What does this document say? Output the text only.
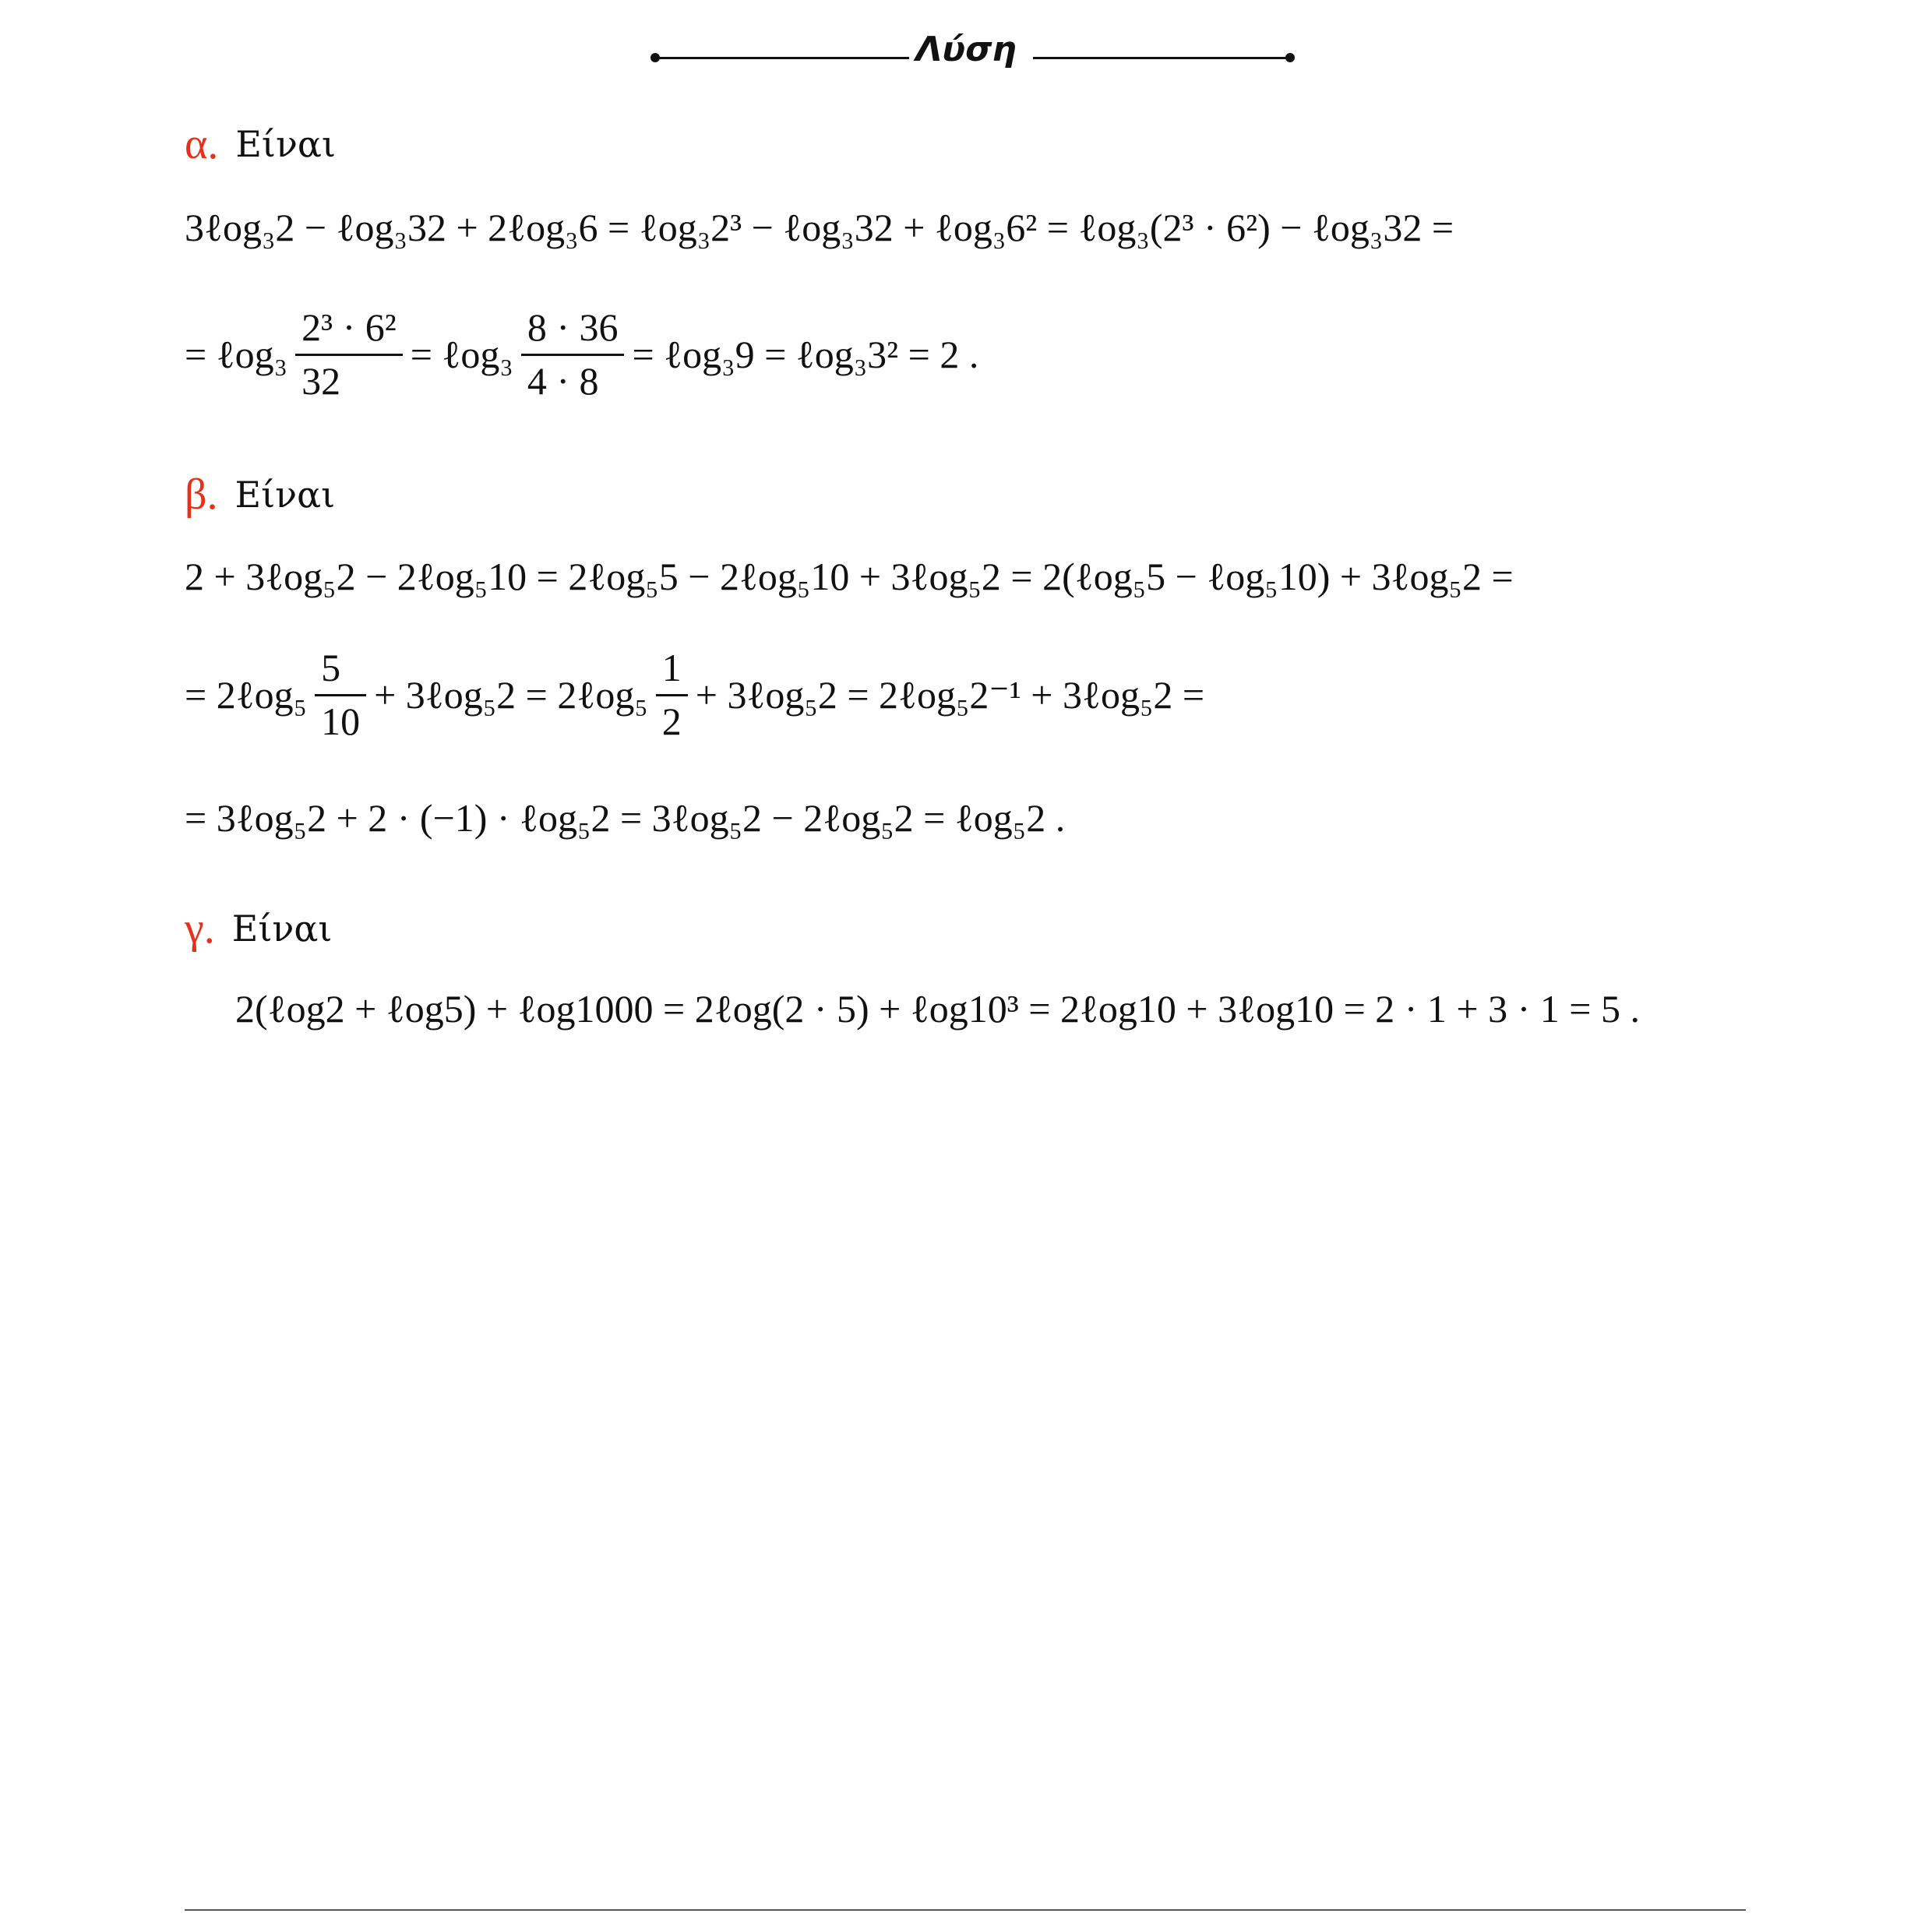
Λύση
α. Είναι
3ℓog₃2 − ℓog₃32 + 2ℓog₃6 = ℓog₃2³ − ℓog₃32 + ℓog₃6² = ℓog₃(2³ · 6²) − ℓog₃32 =
= ℓog₃ $\frac{\text{2³ · 6²}}{32}$ = ℓog₃ $\frac{8 \cdot 36}{4 \cdot 8}$ = ℓog₃9 = ℓog₃3² = 2 .
β. Είναι
2 + 3ℓog₅2 − 2ℓog₅10 = 2ℓog₅5 − 2ℓog₅10 + 3ℓog₅2 = 2(ℓog₅5 − ℓog₅10) + 3ℓog₅2 =
= 2ℓog₅ $\frac{5}{10}$ + 3ℓog₅2 = 2ℓog₅ $\frac{1}{2}$ + 3ℓog₅2 = 2ℓog₅2⁻¹ + 3ℓog₅2 =
= 3ℓog₅2 + 2 · (−1) · ℓog₅2 = 3ℓog₅2 − 2ℓog₅2 = ℓog₅2 .
γ. Είναι
2(ℓog2 + ℓog5) + ℓog1000 = 2ℓog(2 · 5) + ℓog10³ = 2ℓog10 + 3ℓog10 = 2 · 1 + 3 · 1 = 5 .
